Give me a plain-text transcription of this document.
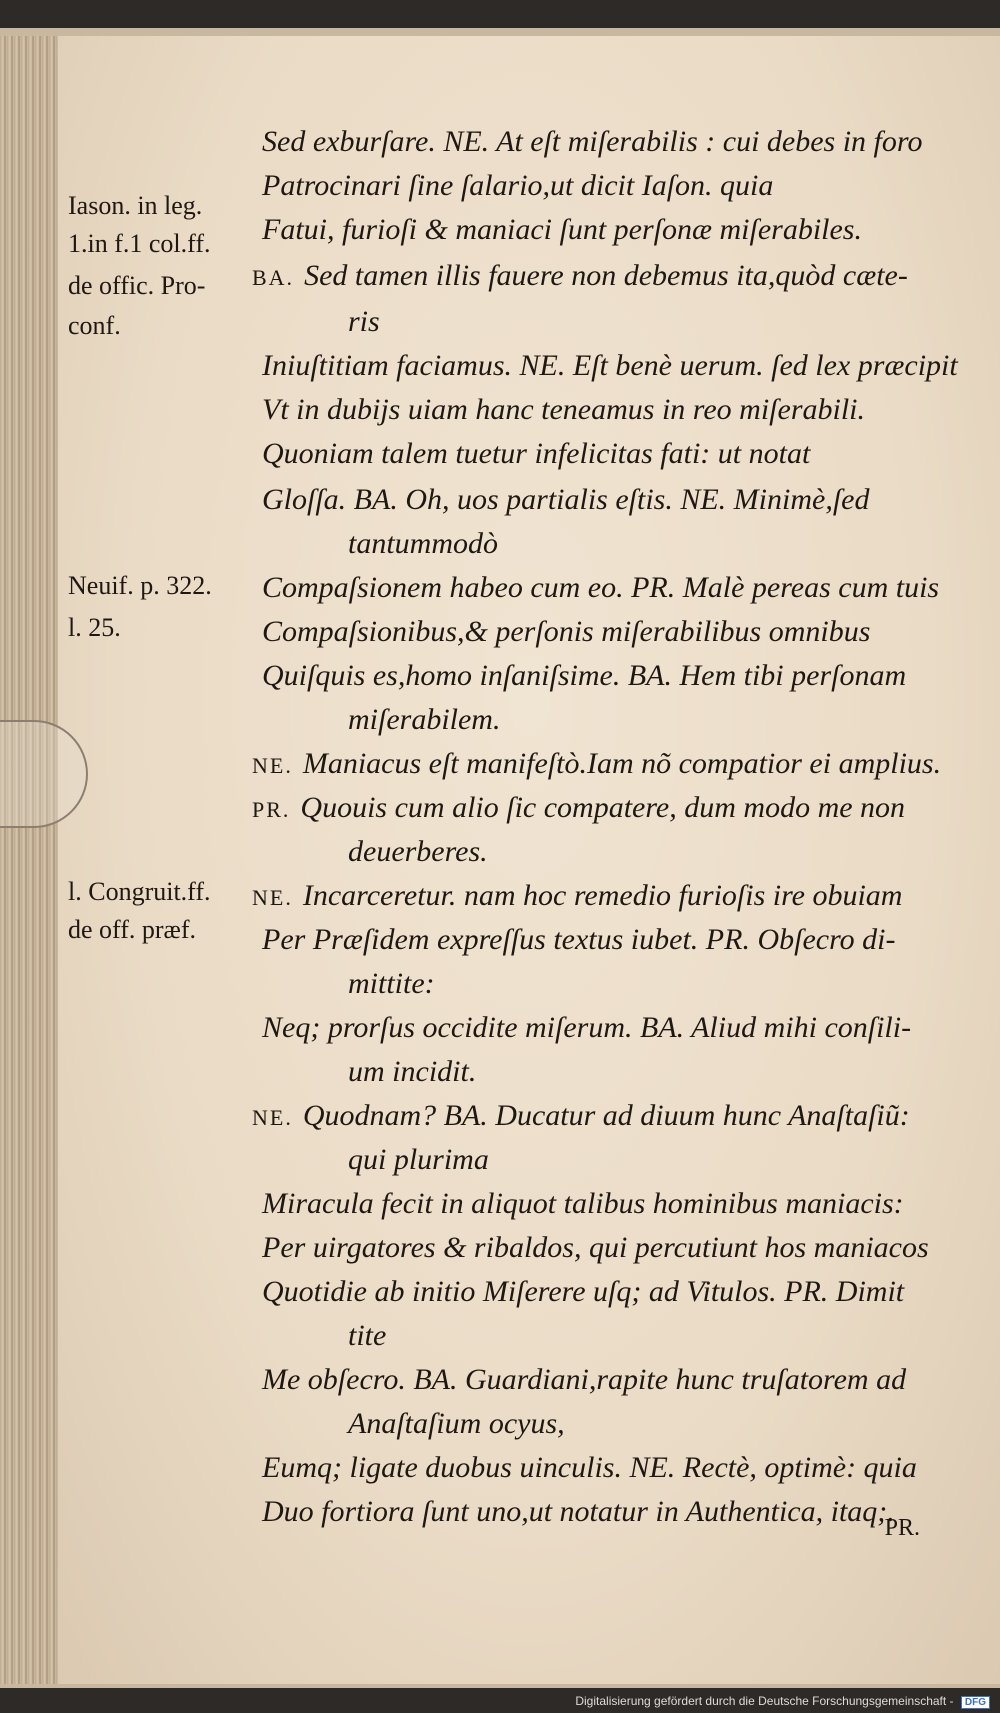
Iason. in leg.
1.in f.1 col.ff.
de offic. Pro-
conf.
Neuif. p. 322.
l. 25.
l. Congruit.ff.
de off. præf.
Sed exburſare. NE. At eſt miſerabilis : cui debes in foro
Patrocinari ſine ſalario,ut dicit Iaſon. quia
Fatui, furioſi & maniaci ſunt perſonæ miſerabiles.
BA. Sed tamen illis fauere non debemus ita,quòd cæte-
ris
Iniuſtitiam faciamus. NE. Eſt benè uerum. ſed lex præcipit
Vt in dubijs uiam hanc teneamus in reo miſerabili.
Quoniam talem tuetur infelicitas fati: ut notat
Gloſſa. BA. Oh, uos partialis eſtis. NE. Minimè,ſed
tantummodò
Compaſsionem habeo cum eo. PR. Malè pereas cum tuis
Compaſsionibus,& perſonis miſerabilibus omnibus
Quiſquis es,homo inſaniſsime. BA. Hem tibi perſonam
miſerabilem.
NE. Maniacus eſt manifeſtò.Iam nõ compatior ei amplius.
PR. Quouis cum alio ſic compatere, dum modo me non
deuerberes.
NE. Incarceretur. nam hoc remedio furioſis ire obuiam
Per Præſidem expreſſus textus iubet. PR. Obſecro di-
mittite:
Neq; prorſus occidite miſerum. BA. Aliud mihi conſili-
um incidit.
NE. Quodnam? BA. Ducatur ad diuum hunc Anaſtaſiũ:
qui plurima
Miracula fecit in aliquot talibus hominibus maniacis:
Per uirgatores & ribaldos, qui percutiunt hos maniacos
Quotidie ab initio Miſerere uſq; ad Vitulos. PR. Dimit
tite
Me obſecro. BA. Guardiani,rapite hunc truſatorem ad
Anaſtaſium ocyus,
Eumq; ligate duobus uinculis. NE. Rectè, optimè: quia
Duo fortiora ſunt uno,ut notatur in Authentica, itaq;.
PR.
Digitalisierung gefördert durch die Deutsche Forschungsgemeinschaft - DFG
